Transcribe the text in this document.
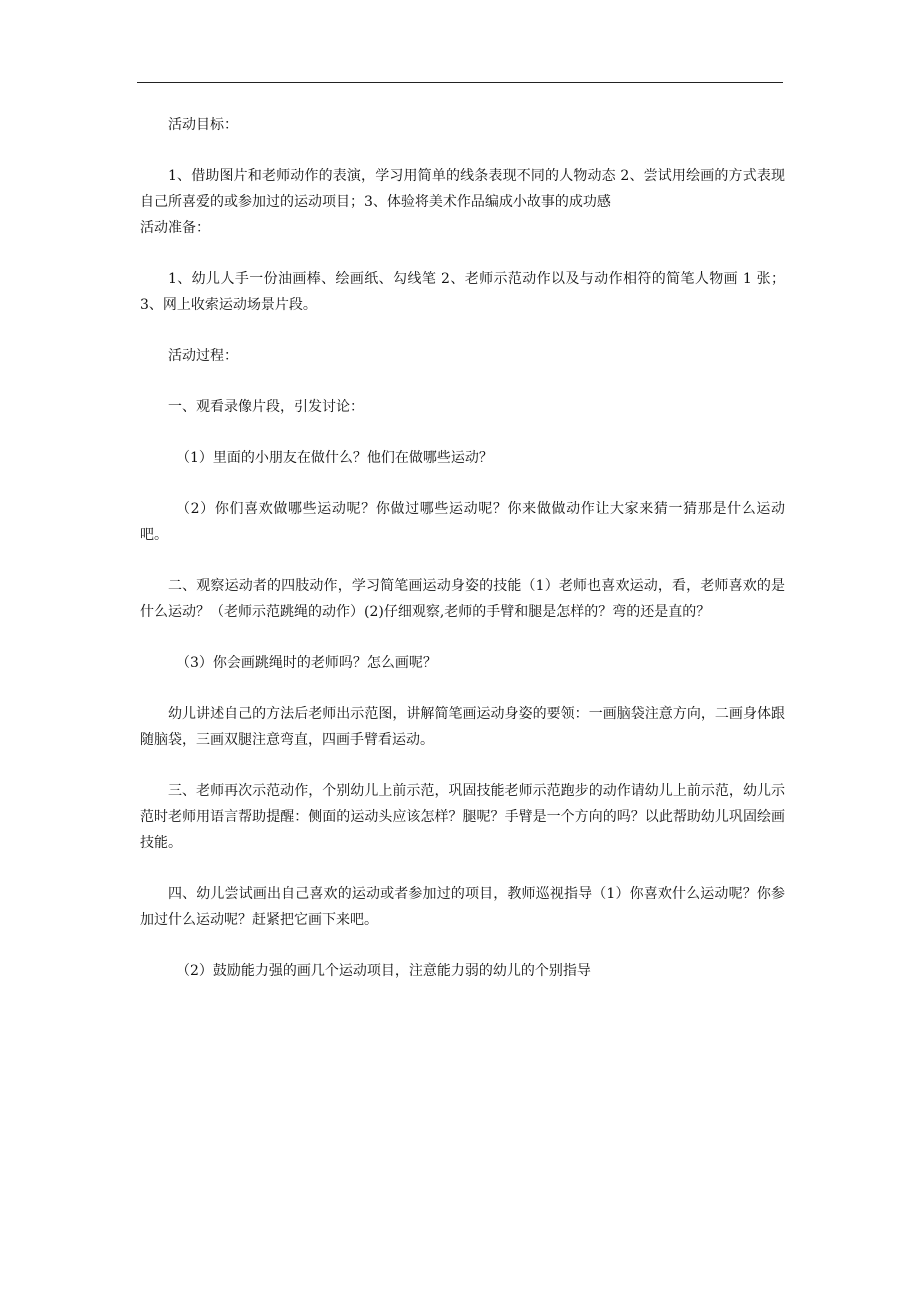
活动目标：

1、借助图片和老师动作的表演，学习用简单的线条表现不同的人物动态 2、尝试用绘画的方式表现自己所喜爱的或参加过的运动项目；3、体验将美术作品编成小故事的成功感

活动准备：

1、幼儿人手一份油画棒、绘画纸、勾线笔 2、老师示范动作以及与动作相符的简笔人物画 1 张；3、网上收索运动场景片段。

活动过程：

一、观看录像片段，引发讨论：

（1）里面的小朋友在做什么？他们在做哪些运动？

（2）你们喜欢做哪些运动呢？你做过哪些运动呢？你来做做动作让大家来猜一猜那是什么运动吧。

二、观察运动者的四肢动作，学习简笔画运动身姿的技能（1）老师也喜欢运动，看，老师喜欢的是什么运动？（老师示范跳绳的动作）(2)仔细观察,老师的手臂和腿是怎样的？弯的还是直的？

（3）你会画跳绳时的老师吗？怎么画呢？

幼儿讲述自己的方法后老师出示范图，讲解简笔画运动身姿的要领：一画脑袋注意方向，二画身体跟随脑袋，三画双腿注意弯直，四画手臂看运动。

三、老师再次示范动作，个别幼儿上前示范，巩固技能老师示范跑步的动作请幼儿上前示范，幼儿示范时老师用语言帮助提醒：侧面的运动头应该怎样？腿呢？手臂是一个方向的吗？以此帮助幼儿巩固绘画技能。

四、幼儿尝试画出自己喜欢的运动或者参加过的项目，教师巡视指导（1）你喜欢什么运动呢？你参加过什么运动呢？赶紧把它画下来吧。

（2）鼓励能力强的画几个运动项目，注意能力弱的幼儿的个别指导
